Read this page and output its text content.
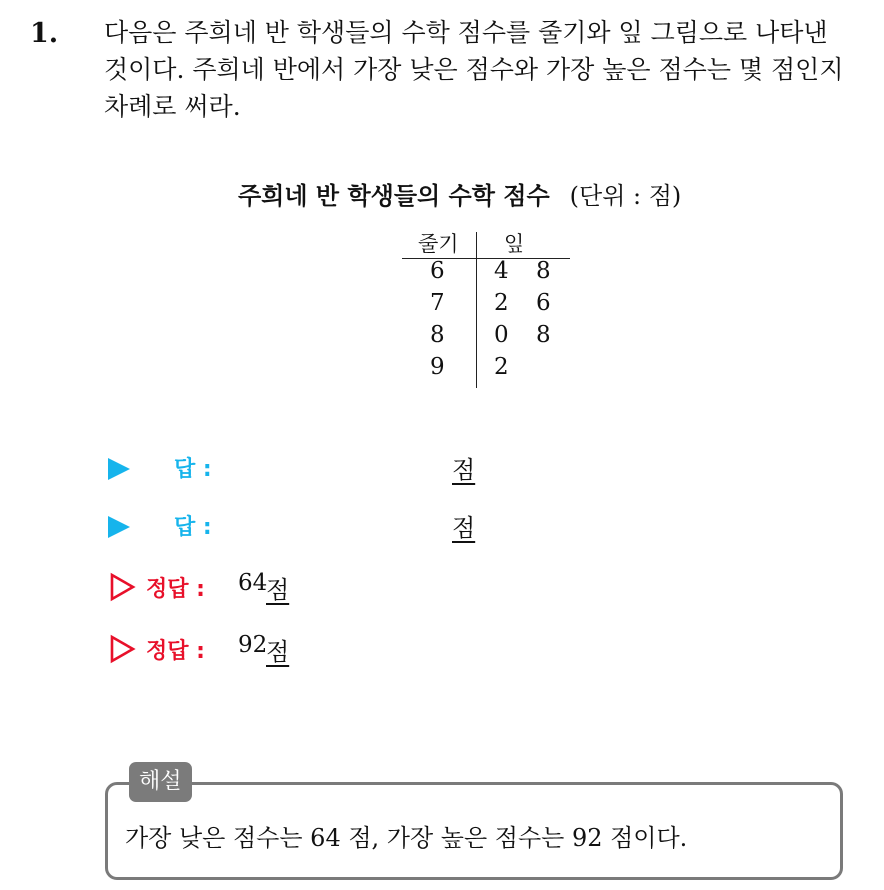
1. 다음은 주희네 반 학생들의 수학 점수를 줄기와 잎 그림으로 나타낸
것이다. 주희네 반에서 가장 낮은 점수와 가장 높은 점수는 몇 점인지
차례로 써라.
주희네 반 학생들의 수학 점수 (단위 : 점)
줄기 잎
6 4 8
7 2 6
8 0 8
9 2
답 :	점
답 :	점
정답 : 64
점
정답 : 92
점
해설
가장 낮은 점수는 64 점, 가장 높은 점수는 92 점이다.
